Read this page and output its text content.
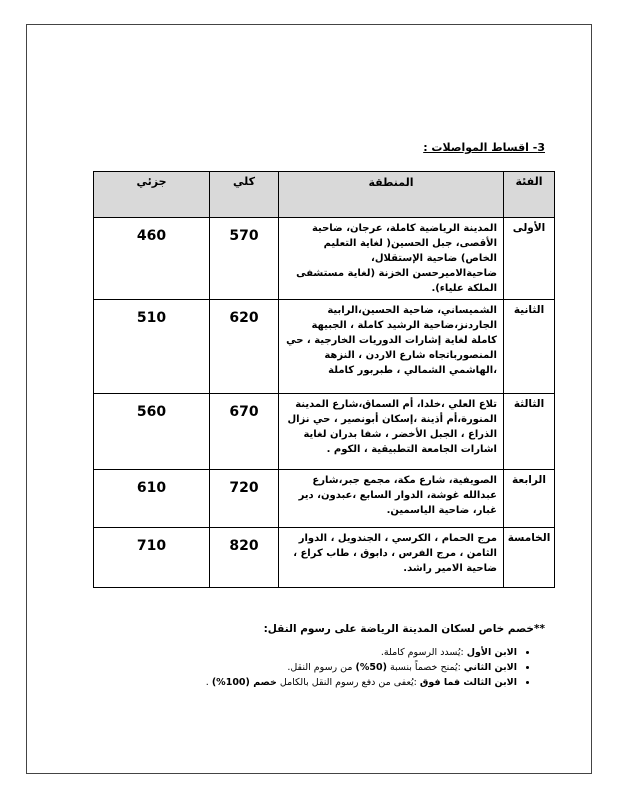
3- اقساط المواصلات :

الفئة	المنطقة	كلي	جزئي
الأولى	المدينة الرياضية كاملة، عرجان، ضاحية الأقصى، جبل الحسين( لغاية التعليم الخاص) ضاحية الإستقلال، ضاحيةالاميرحسن الخزنة (لغاية مستشفى الملكة علياء).	570	460
الثانية	الشميساني، ضاحية الحسين،الرابية الجاردنز،ضاحية الرشيد كاملة ، الجبيهة كاملة لغاية إشارات الدوريات الخارجية ، حي المنصورباتجاه شارع الاردن ، النزهة ،الهاشمي الشمالي ، طبربور كاملة	620	510
الثالثة	تلاع العلي ،خلدا، أم السماق،شارع المدينة المنورة،أم أذينة ،إسكان أبونصير ، حي نزال الذراع ، الجبل الأخضر ، شفا بدران لغاية اشارات الجامعة التطبيقية ، الكوم .	670	560
الرابعة	الصويفية، شارع مكة، مجمع جبر،شارع عبدالله غوشة، الدوار السابع ،عبدون، دير غبار، ضاحية الياسمين.	720	610
الخامسة	مرج الحمام ، الكرسي ، الجندويل ، الدوار الثامن ، مرج الفرس ، دابوق ، طاب كراع ، ضاحية الامير راشد.	820	710

**خصم خاص لسكان المدينة الرياضة على رسوم النقل:

• الابن الأول :يُسدد الرسوم كاملة.
• الابن الثاني :يُمنح خصماً بنسبة (50%) من رسوم النقل.
• الابن الثالث فما فوق :يُعفى من دفع رسوم النقل بالكامل خصم (100%) .
